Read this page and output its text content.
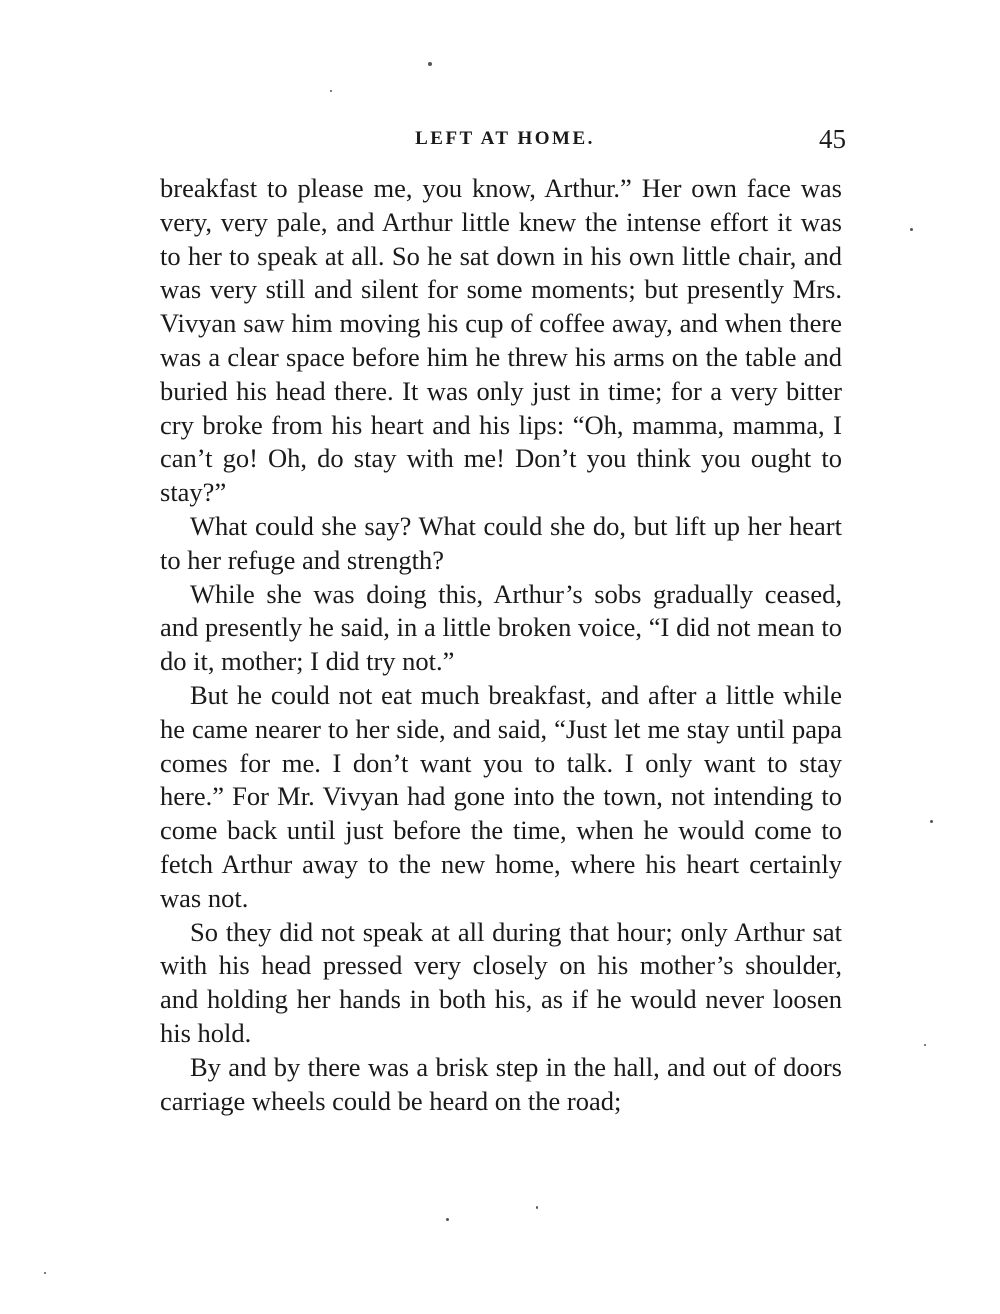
LEFT AT HOME.	45

breakfast to please me, you know, Arthur.” Her own face was very, very pale, and Arthur little knew the intense effort it was to her to speak at all. So he sat down in his own little chair, and was very still and silent for some moments; but presently Mrs. Vivyan saw him moving his cup of coffee away, and when there was a clear space before him he threw his arms on the table and buried his head there. It was only just in time; for a very bitter cry broke from his heart and his lips: “Oh, mamma, mamma, I can’t go! Oh, do stay with me! Don’t you think you ought to stay?”

What could she say? What could she do, but lift up her heart to her refuge and strength?

While she was doing this, Arthur’s sobs gradually ceased, and presently he said, in a little broken voice, “I did not mean to do it, mother; I did try not.”

But he could not eat much breakfast, and after a little while he came nearer to her side, and said, “Just let me stay until papa comes for me. I don’t want you to talk. I only want to stay here.” For Mr. Vivyan had gone into the town, not intending to come back until just before the time, when he would come to fetch Arthur away to the new home, where his heart certainly was not.

So they did not speak at all during that hour; only Arthur sat with his head pressed very closely on his mother’s shoulder, and holding her hands in both his, as if he would never loosen his hold.

By and by there was a brisk step in the hall, and out of doors carriage wheels could be heard on the road;
